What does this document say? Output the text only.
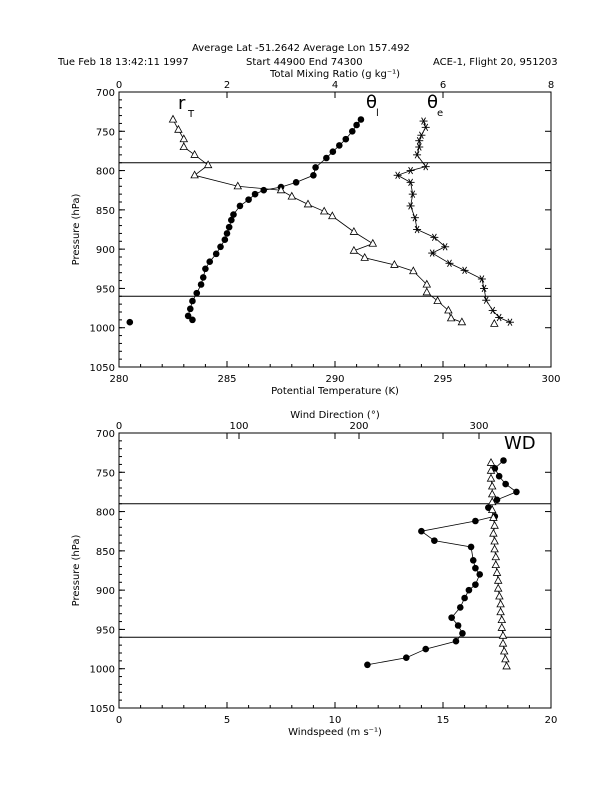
Average Lat -51.2642 Average Lon 157.492
Tue Feb 18 13:42:11 1997	Start 44900 End 74300	ACE-1, Flight 20, 951203
280	285	290	295	300
0	2	4	6	8
700
750
800
850
900
950
1000
1050
Potential Temperature (K)
Total Mixing Ratio (g kg⁻¹)
Pressure (hPa)
r
T
θ
l
θ
e
0	5	10	15	20
0	100	200	300
700
750
800
850
900
950
1000
1050
Windspeed (m s⁻¹)
Wind Direction (°)
Pressure (hPa)
WD
